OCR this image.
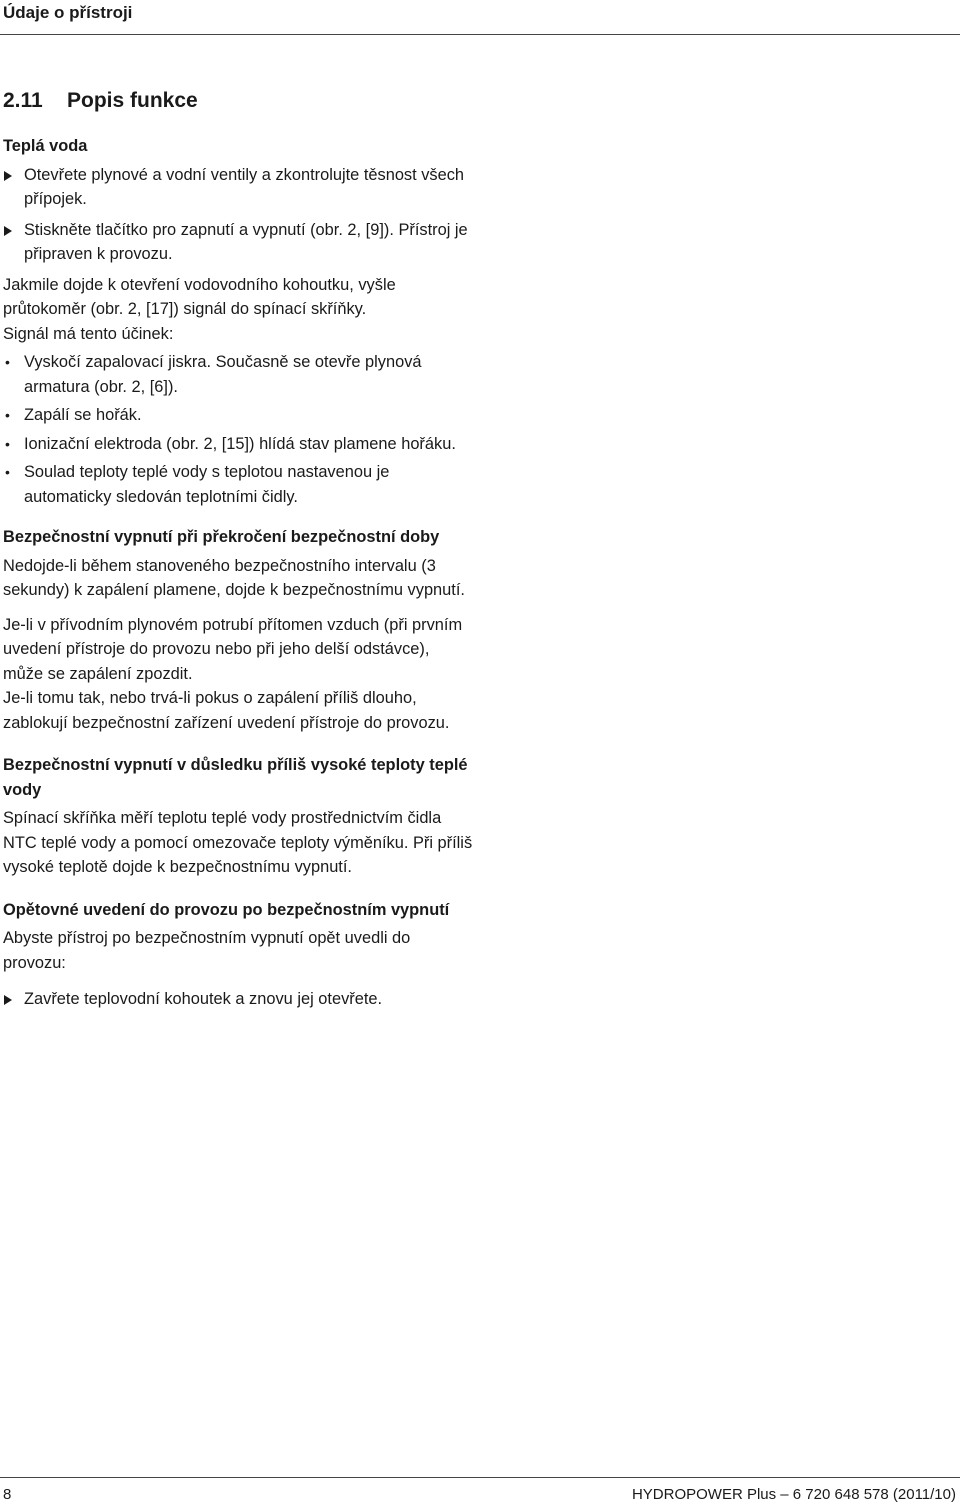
Údaje o přístroji
2.11 Popis funkce

Teplá voda

Otevřete plynové a vodní ventily a zkontrolujte těsnost všech přípojek.
Stiskněte tlačítko pro zapnutí a vypnutí (obr. 2, [9]). Přístroj je připraven k provozu.

Jakmile dojde k otevření vodovodního kohoutku, vyšle průtokoměr (obr. 2, [17]) signál do spínací skříňky.

Signál má tento účinek:

• Vyskočí zapalovací jiskra. Současně se otevře plynová armatura (obr. 2, [6]).
• Zapálí se hořák.
• Ionizační elektroda (obr. 2, [15]) hlídá stav plamene hořáku.
• Soulad teploty teplé vody s teplotou nastavenou je automaticky sledován teplotními čidly.

Bezpečnostní vypnutí při překročení bezpečnostní doby

Nedojde-li během stanoveného bezpečnostního intervalu (3 sekundy) k zapálení plamene, dojde k bezpečnostnímu vypnutí.

Je-li v přívodním plynovém potrubí přítomen vzduch (při prvním uvedení přístroje do provozu nebo při jeho delší odstávce), může se zapálení zpozdit.

Je-li tomu tak, nebo trvá-li pokus o zapálení příliš dlouho, zablokují bezpečnostní zařízení uvedení přístroje do provozu.

Bezpečnostní vypnutí v důsledku příliš vysoké teploty teplé vody

Spínací skříňka měří teplotu teplé vody prostřednictvím čidla NTC teplé vody a pomocí omezovače teploty výměníku. Při příliš vysoké teplotě dojde k bezpečnostnímu vypnutí.

Opětovné uvedení do provozu po bezpečnostním vypnutí

Abyste přístroj po bezpečnostním vypnutí opět uvedli do provozu:

Zavřete teplovodní kohoutek a znovu jej otevřete.
8	HYDROPOWER Plus – 6 720 648 578 (2011/10)
